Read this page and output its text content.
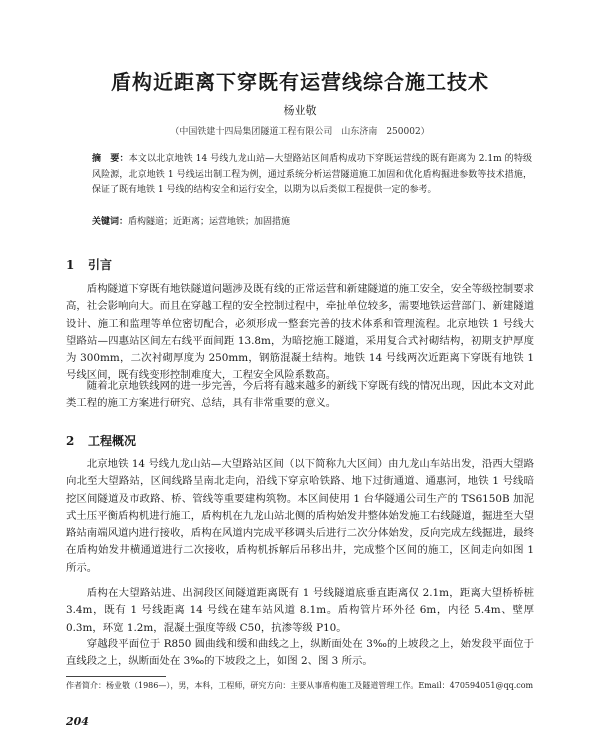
盾构近距离下穿既有运营线综合施工技术
杨业敬
（中国铁建十四局集团隧道工程有限公司　山东济南　250002）
摘　要：本文以北京地铁 14 号线九龙山站—大望路站区间盾构成功下穿既运营线的既有距离为 2.1m 的特级风险源，北京地铁 1 号线运出制工程为例，通过系统分析运营隧道施工加固和优化盾构掘进参数等技术措施，保证了既有地铁 1 号线的结构安全和运行安全，以期为以后类似工程提供一定的参考。
关键词：盾构隧道；近距离；运营地铁；加固措施
1 引言

盾构隧道下穿既有地铁隧道问题涉及既有线的正常运营和新建隧道的施工安全，安全等级控制要求高，社会影响向大。而且在穿越工程的安全控制过程中，牵扯单位较多，需要地铁运营部门、新建隧道设计、施工和监理等单位密切配合，必须形成一整套完善的技术体系和管理流程。北京地铁 1 号线大望路站—四惠站区间左右线平面间距 13.8m，为暗挖施工隧道，采用复合式衬砌结构，初期支护厚度为 300mm，二次衬砌厚度为 250mm，钢筋混凝土结构。地铁 14 号线两次近距离下穿既有地铁 1 号线区间，既有线变形控制难度大，工程安全风险系数高。

随着北京地铁线网的进一步完善，今后将有越来越多的新线下穿既有线的情况出现，因此本文对此类工程的施工方案进行研究、总结，具有非常重要的意义。

2 工程概况

北京地铁 14 号线九龙山站—大望路站区间（以下简称九大区间）由九龙山车站出发，沿西大望路向北至大望路站，区间线路呈南北走向，沿线下穿京哈铁路、地下过街通道、通惠河，地铁 1 号线暗挖区间隧道及市政路、桥、管线等重要建构筑物。本区间使用 1 台华隧通公司生产的 TS6150B 加泥式土压平衡盾构机进行施工，盾构机在九龙山站北侧的盾构始发井整体始发施工右线隧道，掘进至大望路站南端风道内进行接收，盾构在风道内完成平移调头后进行二次分体始发，反向完成左线掘进，最终在盾构始发井横通道进行二次接收，盾构机拆解后吊移出井，完成整个区间的施工，区间走向如图 1 所示。

盾构在大望路站进、出洞段区间隧道距离既有 1 号线隧道底垂直距离仅 2.1m，距离大望桥桥桩 3.4m，既有 1 号线距离 14 号线在建车站风道 8.1m。盾构管片环外径 6m，内径 5.4m、壁厚 0.3m，环宽 1.2m，混凝土强度等级 C50，抗渗等级 P10。

穿越段平面位于 R850 圆曲线和缓和曲线之上，纵断面处在 3‰的上坡段之上，始发段平面位于直线段之上，纵断面处在 3‰的下坡段之上，如图 2、图 3 所示。

作者简介：杨业敬（1986—），男，本科，工程师，研究方向：主要从事盾构施工及隧道管理工作。Email：470594051@qq.com
204
